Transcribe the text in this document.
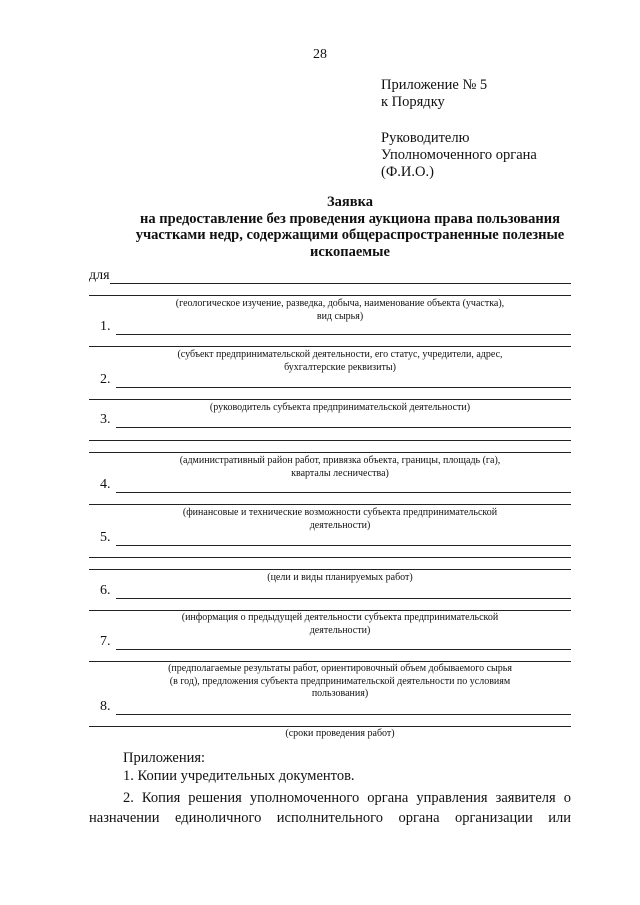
28
Приложение № 5
к Порядку
Руководителю
Уполномоченного органа
(Ф.И.О.)
Заявка
на предоставление без проведения аукциона права пользования
участками недр, содержащими общераспространенные полезные
ископаемые
для
(геологическое изучение, разведка, добыча, наименование объекта (участка),
вид сырья)
1.
(субъект предпринимательской деятельности, его статус, учредители, адрес,
бухгалтерские реквизиты)
2.
(руководитель субъекта предпринимательской деятельности)
3.
(административный район работ, привязка объекта, границы, площадь (га),
кварталы лесничества)
4.
(финансовые и технические возможности субъекта предпринимательской
деятельности)
5.
(цели и виды планируемых работ)
6.
(информация о предыдущей деятельности субъекта предпринимательской
деятельности)
7.
(предполагаемые результаты работ, ориентировочный объем добываемого сырья
(в год), предложения субъекта предпринимательской деятельности по условиям
пользования)
8.
(сроки проведения работ)
Приложения:
1. Копии учредительных документов.
2. Копия решения уполномоченного органа управления заявителя о назначении единоличного исполнительного органа организации или
